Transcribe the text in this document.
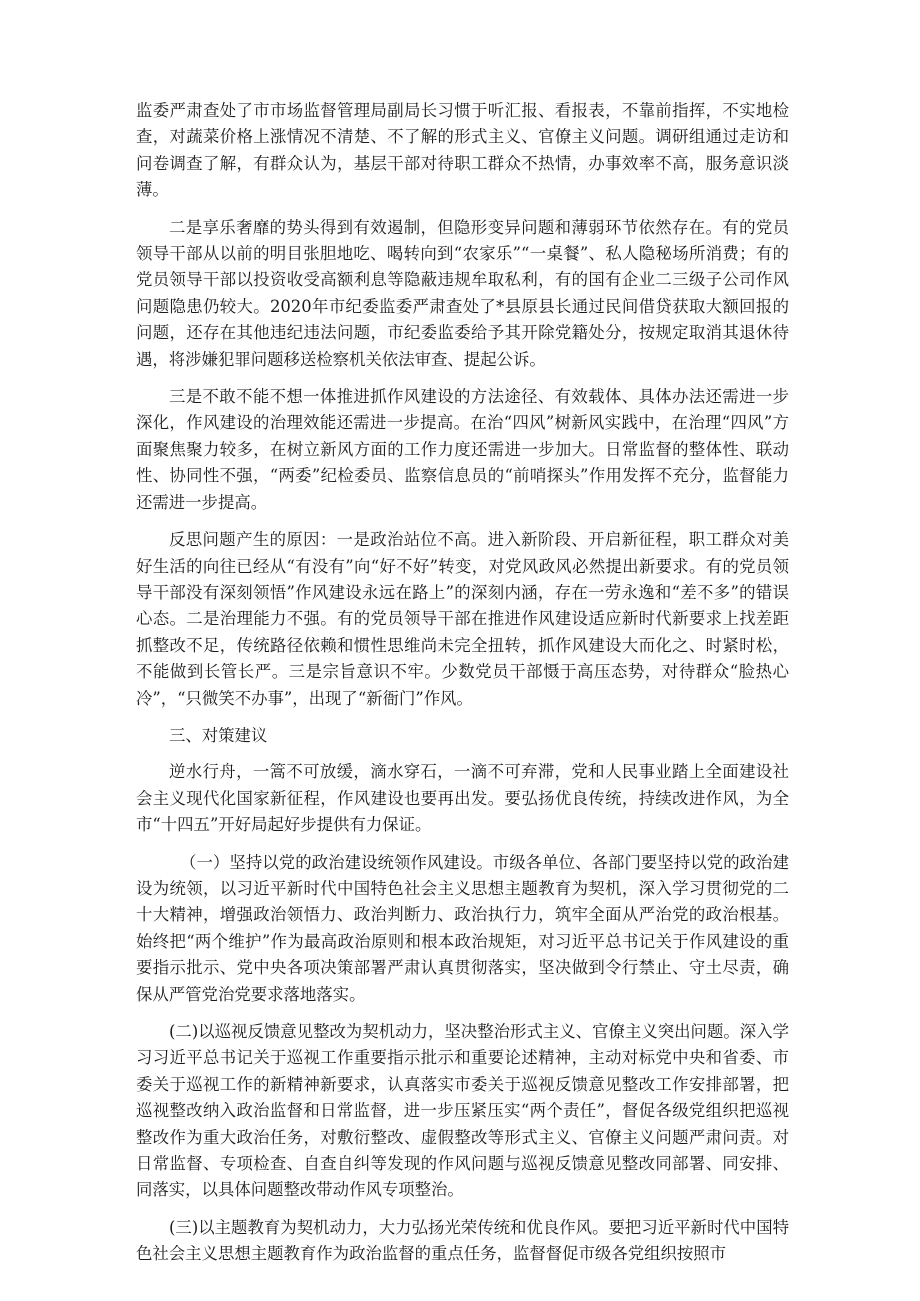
监委严肃查处了市市场监督管理局副局长习惯于听汇报、看报表，不靠前指挥，不实地检查，对蔬菜价格上涨情况不清楚、不了解的形式主义、官僚主义问题。调研组通过走访和问卷调查了解，有群众认为，基层干部对待职工群众不热情，办事效率不高，服务意识淡薄。

二是享乐奢靡的势头得到有效遏制，但隐形变异问题和薄弱环节依然存在。有的党员领导干部从以前的明目张胆地吃、喝转向到“农家乐”“一桌餐”、私人隐秘场所消费；有的党员领导干部以投资收受高额利息等隐蔽违规牟取私利，有的国有企业二三级子公司作风问题隐患仍较大。2020年市纪委监委严肃查处了*县原县长通过民间借贷获取大额回报的问题，还存在其他违纪违法问题，市纪委监委给予其开除党籍处分，按规定取消其退休待遇，将涉嫌犯罪问题移送检察机关依法审查、提起公诉。

三是不敢不能不想一体推进抓作风建设的方法途径、有效载体、具体办法还需进一步深化，作风建设的治理效能还需进一步提高。在治“四风”树新风实践中，在治理“四风”方面聚焦聚力较多，在树立新风方面的工作力度还需进一步加大。日常监督的整体性、联动性、协同性不强，“两委”纪检委员、监察信息员的“前哨探头”作用发挥不充分，监督能力还需进一步提高。

反思问题产生的原因：一是政治站位不高。进入新阶段、开启新征程，职工群众对美好生活的向往已经从“有没有”向“好不好”转变，对党风政风必然提出新要求。有的党员领导干部没有深刻领悟”作风建设永远在路上”的深刻内涵，存在一劳永逸和“差不多”的错误心态。二是治理能力不强。有的党员领导干部在推进作风建设适应新时代新要求上找差距抓整改不足，传统路径依赖和惯性思维尚未完全扭转，抓作风建设大而化之、时紧时松，不能做到长管长严。三是宗旨意识不牢。少数党员干部慑于高压态势，对待群众“脸热心冷”，“只微笑不办事”，出现了“新衙门”作风。

三、对策建议

逆水行舟，一篙不可放缓，滴水穿石，一滴不可弃滞，党和人民事业踏上全面建设社会主义现代化国家新征程，作风建设也要再出发。要弘扬优良传统，持续改进作风，为全市“十四五”开好局起好步提供有力保证。

（一）坚持以党的政治建设统领作风建设。市级各单位、各部门要坚持以党的政治建设为统领，以习近平新时代中国特色社会主义思想主题教育为契机，深入学习贯彻党的二十大精神，增强政治领悟力、政治判断力、政治执行力，筑牢全面从严治党的政治根基。始终把“两个维护”作为最高政治原则和根本政治规矩，对习近平总书记关于作风建设的重要指示批示、党中央各项决策部署严肃认真贯彻落实，坚决做到令行禁止、守土尽责，确保从严管党治党要求落地落实。

(二)以巡视反馈意见整改为契机动力，坚决整治形式主义、官僚主义突出问题。深入学习习近平总书记关于巡视工作重要指示批示和重要论述精神，主动对标党中央和省委、市委关于巡视工作的新精神新要求，认真落实市委关于巡视反馈意见整改工作安排部署，把巡视整改纳入政治监督和日常监督，进一步压紧压实“两个责任”，督促各级党组织把巡视整改作为重大政治任务，对敷衍整改、虚假整改等形式主义、官僚主义问题严肃问责。对日常监督、专项检查、自查自纠等发现的作风问题与巡视反馈意见整改同部署、同安排、同落实，以具体问题整改带动作风专项整治。

(三)以主题教育为契机动力，大力弘扬光荣传统和优良作风。要把习近平新时代中国特色社会主义思想主题教育作为政治监督的重点任务，监督督促市级各党组织按照市
